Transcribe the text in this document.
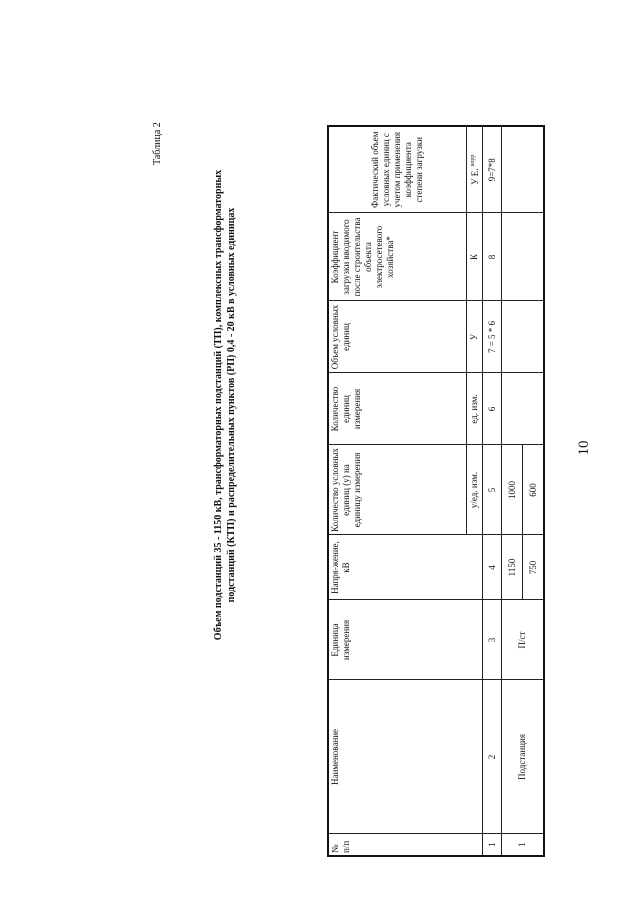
Таблица 2
Объем подстанций 35 - 1150 кВ, трансформаторных подстанций (ТП), комплексных трансформаторных подстанций (КТП) и распределительных пунктов (РП) 0,4 - 20 кВ в условных единицах
№ п/п	Наименование	Единица измерения	Напря-жение, кВ	Количество условных единиц (у) на единицу измерения	Количество единиц измерения	Объем условных единиц	Коэффициент загрузки вводимого после строительства объекта электросетевого хозяйства*	Фактический объем условных единиц с учетом применения коэффициента степени загрузки
				у/ед. изм.	ед. изм.	У	К	У Е. $^{корр}$
1	2	3	4	5	6	7 = 5 * 6	8	9=7*8
1	Подстанция	П/ст	1150	1000				
			750	600				
10
